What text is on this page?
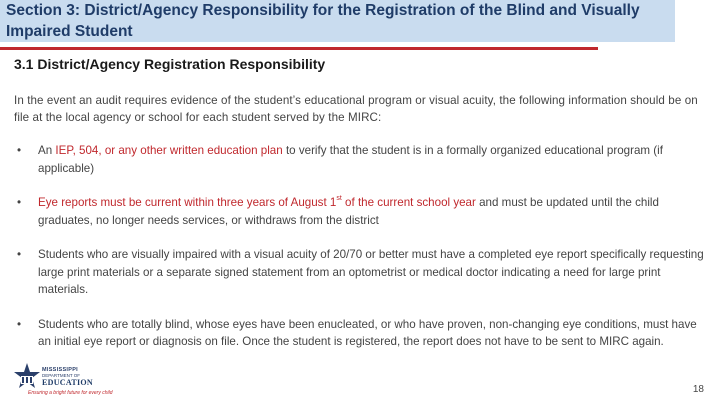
Section 3: District/Agency Responsibility for the Registration of the Blind and Visually Impaired Student
3.1 District/Agency Registration Responsibility

In the event an audit requires evidence of the student’s educational program or visual acuity, the following information should be on file at the local agency or school for each student served by the MIRC:

• An IEP, 504, or any other written education plan to verify that the student is in a formally organized educational program (if applicable)
• Eye reports must be current within three years of August 1st of the current school year and must be updated until the child graduates, no longer needs services, or withdraws from the district
• Students who are visually impaired with a visual acuity of 20/70 or better must have a completed eye report specifically requesting large print materials or a separate signed statement from an optometrist or medical doctor indicating a need for large print materials.
• Students who are totally blind, whose eyes have been enucleated, or who have proven, non-changing eye conditions, must have an initial eye report or diagnosis on file. Once the student is registered, the report does not have to be sent to MIRC again.
MISSISSIPPI
DEPARTMENT OF
EDUCATION
Ensuring a bright future for every child	18
